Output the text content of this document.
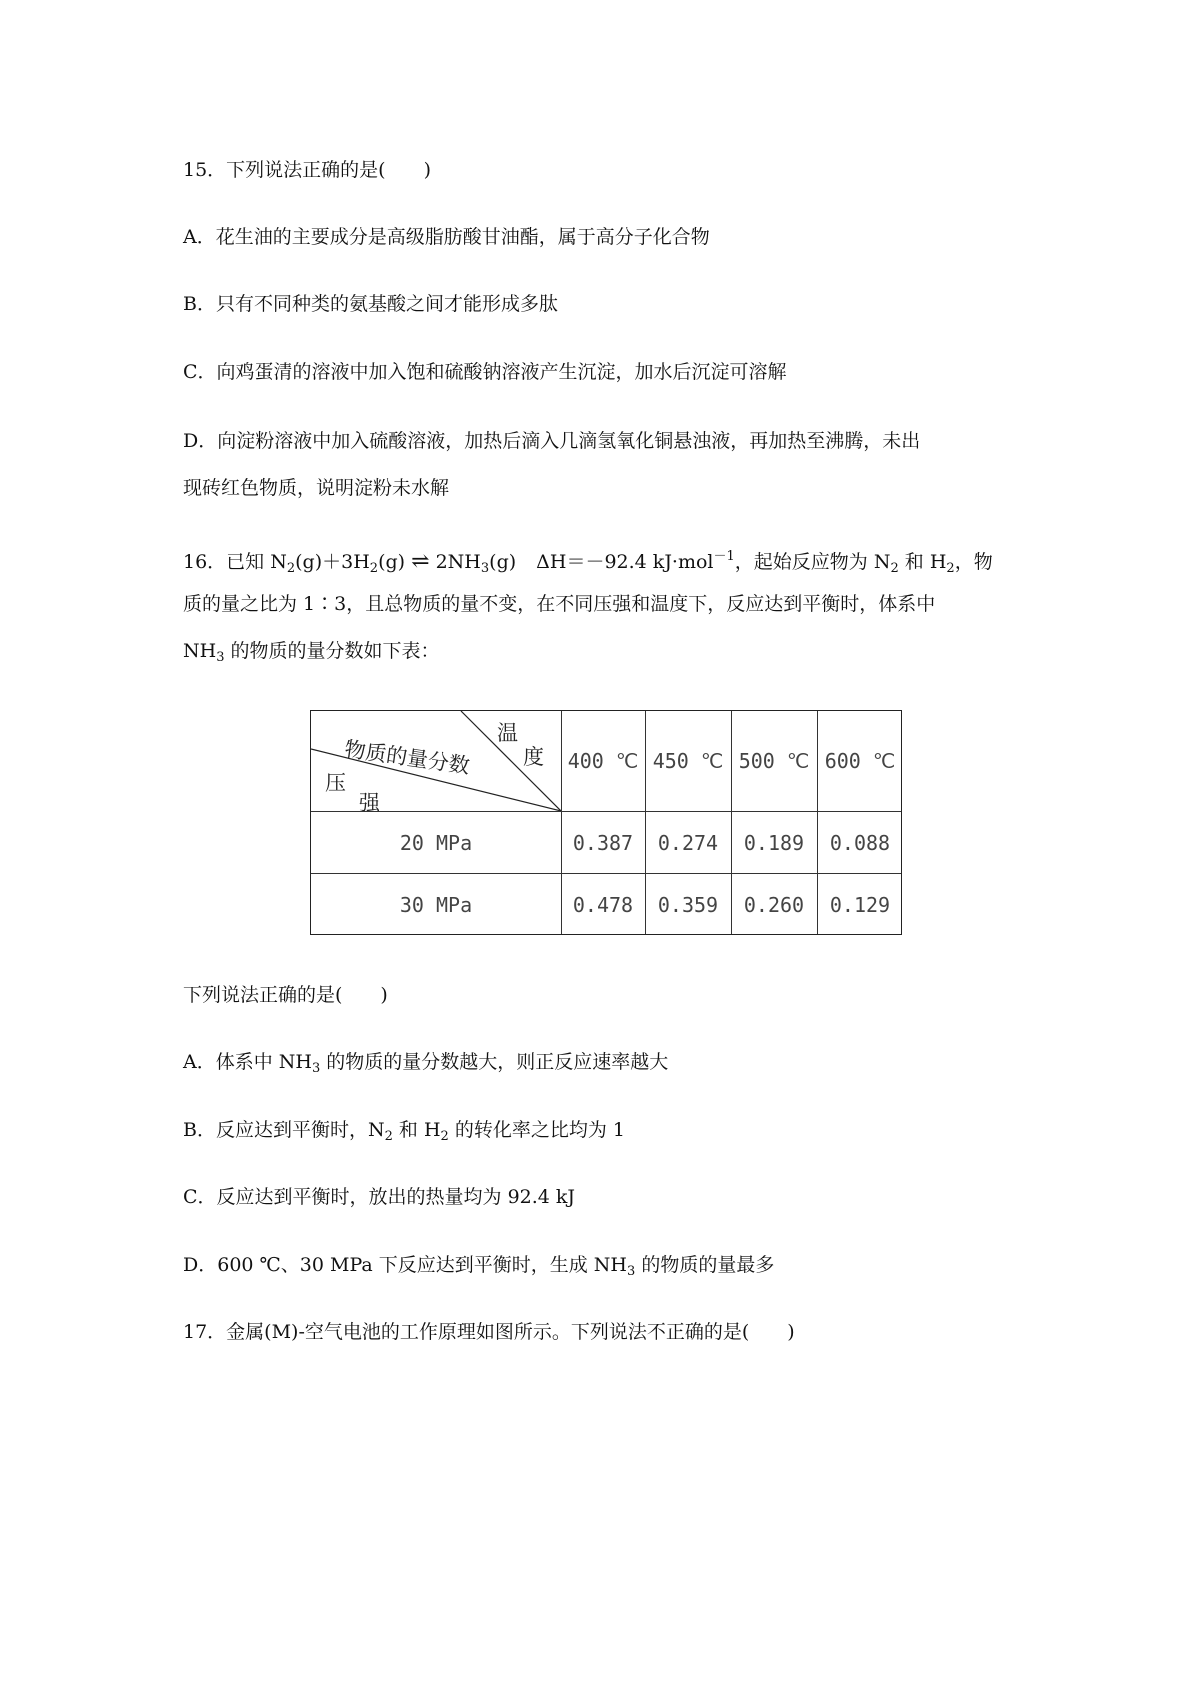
15．下列说法正确的是(　　)
A．花生油的主要成分是高级脂肪酸甘油酯，属于高分子化合物
B．只有不同种类的氨基酸之间才能形成多肽
C．向鸡蛋清的溶液中加入饱和硫酸钠溶液产生沉淀，加水后沉淀可溶解
D．向淀粉溶液中加入硫酸溶液，加热后滴入几滴氢氧化铜悬浊液，再加热至沸腾，未出
现砖红色物质，说明淀粉未水解
16．已知 $N_2(g)+3H_2(g)$ ⇌ $2NH_3(g)$ ΔH＝－92.4 kJ·mol$^{-1}$，起始反应物为 $N_2$ 和 $H_2$，物
质的量之比为 1∶3，且总物质的量不变，在不同压强和温度下，反应达到平衡时，体系中
$NH_3$ 的物质的量分数如下表：
温
度
物质的量分数
压
强
400 ℃ 450 ℃ 500 ℃ 600 ℃
20 MPa	0.387	0.274	0.189	0.088
30 MPa	0.478	0.359	0.260	0.129
下列说法正确的是(　　)
A．体系中 $NH_3$ 的物质的量分数越大，则正反应速率越大
B．反应达到平衡时，$N_2$ 和 $H_2$ 的转化率之比均为 1
C．反应达到平衡时，放出的热量均为 92.4 kJ
D．600 ℃、30 MPa 下反应达到平衡时，生成 $NH_3$ 的物质的量最多
17．金属(M)-空气电池的工作原理如图所示。下列说法不正确的是(　　)
